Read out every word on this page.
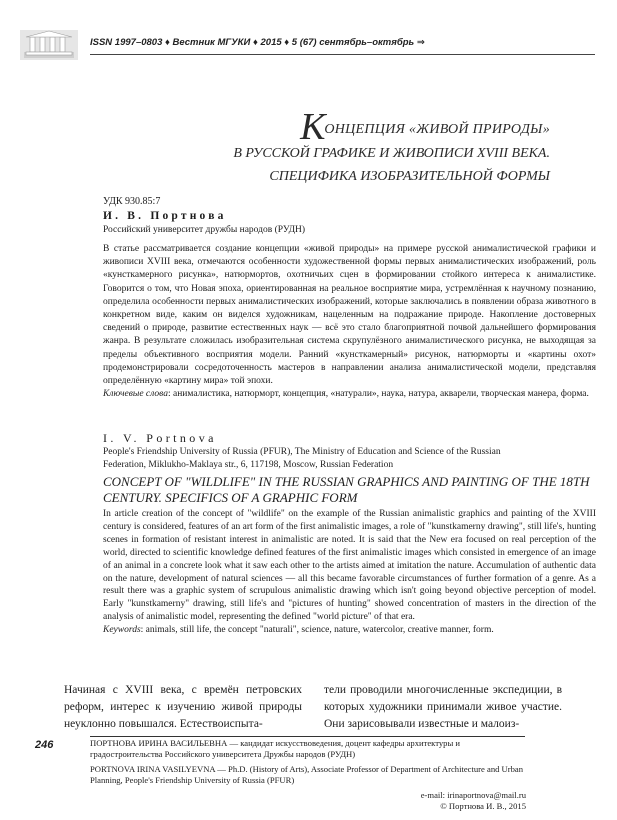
ISSN 1997–0803 ♦ Вестник МГУКИ ♦ 2015 ♦ 5 (67) сентябрь–октябрь ⇒
КОНЦЕПЦИЯ «ЖИВОЙ ПРИРОДЫ»
В РУССКОЙ ГРАФИКЕ И ЖИВОПИСИ XVIII ВЕКА.
СПЕЦИФИКА ИЗОБРАЗИТЕЛЬНОЙ ФОРМЫ
УДК 930.85:7
И. В. Портнова
Российский университет дружбы народов (РУДН)
В статье рассматривается создание концепции «живой природы» на примере русской анималистической графики и живописи XVIII века, отмечаются особенности художественной формы первых анималистических изображений, роль «кунсткамерного рисунка», натюрмортов, охотничьих сцен в формировании стойкого интереса к анималистике. Говорится о том, что Новая эпоха, ориентированная на реальное восприятие мира, устремлённая к научному познанию, определила особенности первых анималистических изображений, которые заключались в появлении образа животного в конкретном виде, каким он виделся художникам, нацеленным на подражание природе. Накопление достоверных сведений о природе, развитие естественных наук — всё это стало благоприятной почвой дальнейшего формирования жанра. В результате сложилась изобразительная система скрупулёзного анималистического рисунка, не выходящая за пределы объективного восприятия модели. Ранний «кунсткамерный» рисунок, натюрморты и «картины охот» продемонстрировали сосредоточенность мастеров в направлении анализа анималистической модели, представляя определённую «картину мира» той эпохи.
Ключевые слова: анималистика, натюрморт, концепция, «натурали», наука, натура, акварели, творческая манера, форма.
I. V. Portnova
People's Friendship University of Russia (PFUR), The Ministry of Education and Science of the Russian Federation, Miklukho-Maklaya str., 6, 117198, Moscow, Russian Federation
CONCEPT OF "WILDLIFE" IN THE RUSSIAN GRAPHICS AND PAINTING OF THE 18TH CENTURY. SPECIFICS OF A GRAPHIC FORM
In article creation of the concept of "wildlife" on the example of the Russian animalistic graphics and painting of the XVIII century is considered, features of an art form of the first animalistic images, a role of "kunstkamerny drawing", still life's, hunting scenes in formation of resistant interest in animalistic are noted. It is said that the New era focused on real perception of the world, directed to scientific knowledge defined features of the first animalistic images which consisted in emergence of an image of an animal in a concrete look what it saw each other to the artists aimed at imitation the nature. Accumulation of authentic data on the nature, development of natural sciences — all this became favorable circumstances of further formation of a genre. As a result there was a graphic system of scrupulous animalistic drawing which isn't going beyond objective perception of model. Early "kunstkamerny" drawing, still life's and "pictures of hunting" showed concentration of masters in the direction of the analysis of animalistic model, representing the defined "world picture" of that era.
Keywords: animals, still life, the concept "naturali", science, nature, watercolor, creative manner, form.

Начиная с XVIII века, с времён петровских реформ, интерес к изучению живой природы неуклонно повышался. Естествоиспыта-

тели проводили многочисленные экспедиции, в которых художники принимали живое участие. Они зарисовывали известные и малоиз-

246	ПОРТНОВА ИРИНА ВАСИЛЬЕВНА — кандидат искусствоведения, доцент кафедры архитектуры и градостроительства Российского университета Дружбы народов (РУДН)

PORTNOVA IRINA VASILYEVNA — Ph.D. (History of Arts), Associate Professor of Department of Architecture and Urban Planning, People's Friendship University of Russia (PFUR)

e-mail: irinaportnova@mail.ru
© Портнова И. В., 2015
